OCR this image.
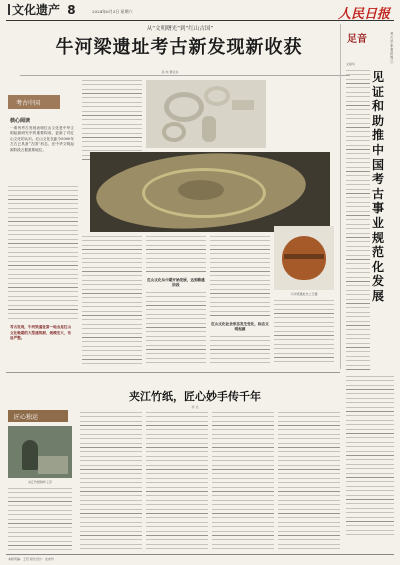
文化遗产 8	2024年6月3日 星期六	人民日报
从“文明曙光”到“红山古国”
牛河梁遗址考古新发现新收获
孙 纯 曹亚东
考古中国
核心阅读
一系列考古发现表明红山文化是中华文明起源研究中的重要构成，更新了对红山文化的认识。红山文化在距今5000年左右已具备“古国”形态，在中华文明起源阶段占据重要地位。
考古发现，牛河梁遗址第一地点是红山文化晚期的大型建筑群，规模宏大，布局严整。
红山文化从中期开始发展，达到鼎盛阶段
红山文化社会形态发生变化，标志文明起源
牛河梁遗址出土玉器
足音	考古学家看世界 ⑤
见证和助推中国考古事业规范化发展
文丽华
夹江竹纸，匠心妙手传千年
李 达
匠心独运
夹江竹纸制作工序
本版责编：王珏 版式设计：沈亦伶
